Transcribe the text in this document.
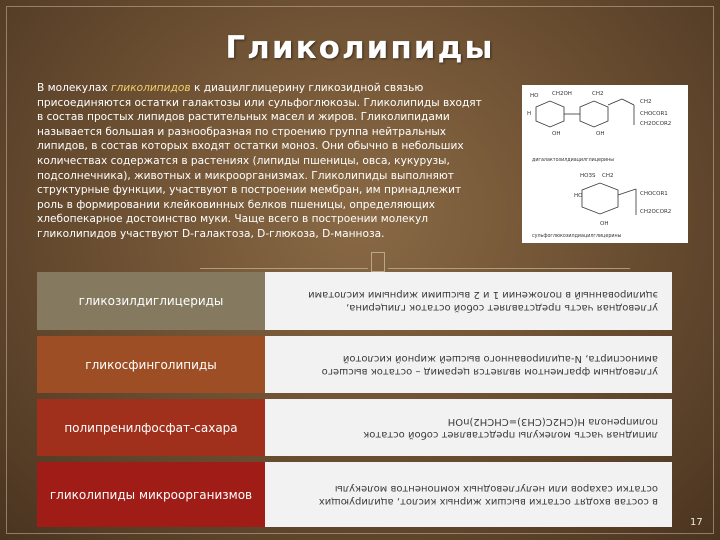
Гликолипиды
В молекулах гликолипидов к диацилглицерину гликозидной связью присоединяются остатки галактозы или сульфоглюкозы. Гликолипиды входят в состав простых липидов растительных масел и жиров. Гликолипидами называется большая и разнообразная по строению группа нейтральных липидов, в состав которых входят остатки моноз. Они обычно в небольших количествах содержатся в растениях (липиды пшеницы, овса, кукурузы, подсолнечника), животных и микроорганизмах. Гликолипиды выполняют структурные функции, участвуют в построении мембран, им принадлежит роль в формировании клейковинных белков пшеницы, определяющих хлебопекарное достоинство муки. Чаще всего в построении молекул гликолипидов участвуют D-галактоза, D-глюкоза, D-манноза.
HO CH2OH	CH2
H
OH	OH
CH2
CHOCOR1
CH2OCOR2
HO3S CH2
HO
OH
CHOCOR1
CH2OCOR2
дигалактозилдиацилглицерины
сульфоглюкозилдиацилглицерины
гликозилдиглицериды	углеводная часть представляет собой остаток глицерина, эцилированный в положении 1 и 2 высшими жирными кислотами
гликосфинголипиды	углеводным фрагментом является церамид – остаток высшего аминоспирта, N-ацилированного высшей жирной кислотой
полипренилфосфат-сахара	липидная часть молекулы представляет собой остаток полипренола H(CH2C(CH3)=CHCH2)nOH
гликолипиды микроорганизмов	в состав входят остатки высших жирных кислот, ацилирующих остатки сахаров или нелуглеводных компонентов молекулы
17
